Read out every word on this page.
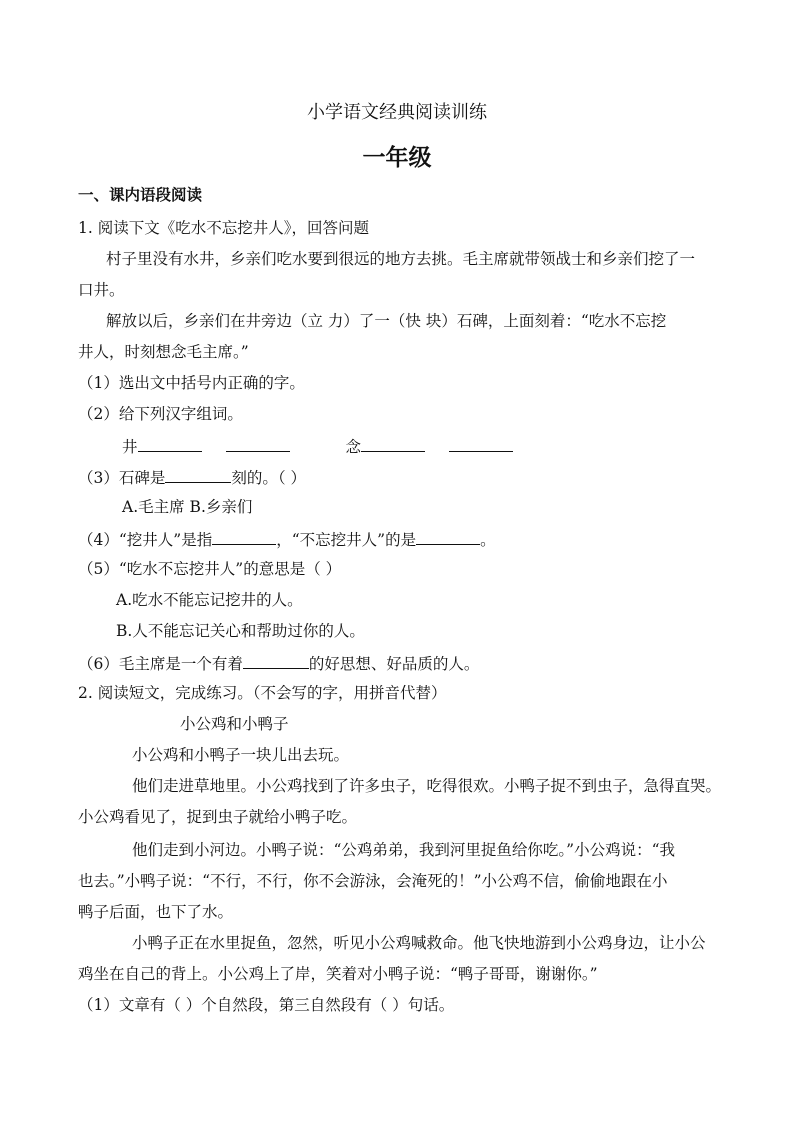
小学语文经典阅读训练
一年级
一、课内语段阅读
1. 阅读下文《吃水不忘挖井人》，回答问题
村子里没有水井，乡亲们吃水要到很远的地方去挑。毛主席就带领战士和乡亲们挖了一
口井。
解放以后，乡亲们在井旁边（立 力）了一（快 块）石碑，上面刻着：“吃水不忘挖
井人，时刻想念毛主席。”
（1）选出文中括号内正确的字。
（2）给下列汉字组词。
井	念
（3）石碑是	刻的。（ ）
A.毛主席 B.乡亲们
（4）“挖井人”是指	，“不忘挖井人”的是	。
（5）“吃水不忘挖井人”的意思是（ ）
A.吃水不能忘记挖井的人。
B.人不能忘记关心和帮助过你的人。
（6）毛主席是一个有着	的好思想、好品质的人。
2. 阅读短文，完成练习。（不会写的字，用拼音代替）
小公鸡和小鸭子
小公鸡和小鸭子一块儿出去玩。
他们走进草地里。小公鸡找到了许多虫子，吃得很欢。小鸭子捉不到虫子，急得直哭。
小公鸡看见了，捉到虫子就给小鸭子吃。
他们走到小河边。小鸭子说：“公鸡弟弟，我到河里捉鱼给你吃。”小公鸡说：“我
也去。”小鸭子说：“不行，不行，你不会游泳，会淹死的！”小公鸡不信，偷偷地跟在小
鸭子后面，也下了水。
小鸭子正在水里捉鱼，忽然，听见小公鸡喊救命。他飞快地游到小公鸡身边，让小公
鸡坐在自己的背上。小公鸡上了岸，笑着对小鸭子说：“鸭子哥哥，谢谢你。”
（1）文章有（ ）个自然段，第三自然段有（ ）句话。
